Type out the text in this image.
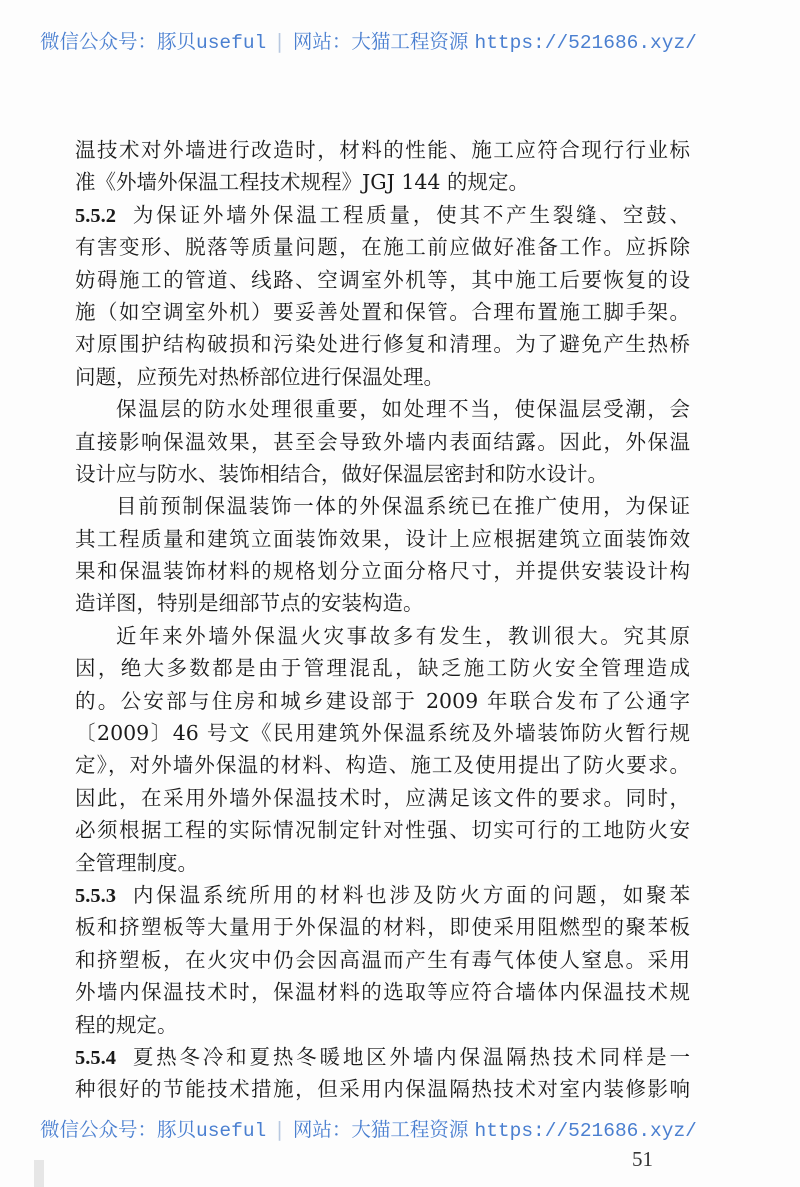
微信公众号：豚贝useful | 网站：大猫工程资源 https://521686.xyz/
温技术对外墙进行改造时，材料的性能、施工应符合现行行业标
准《外墙外保温工程技术规程》JGJ 144 的规定。
5.5.2 为保证外墙外保温工程质量，使其不产生裂缝、空鼓、
有害变形、脱落等质量问题，在施工前应做好准备工作。应拆除
妨碍施工的管道、线路、空调室外机等，其中施工后要恢复的设
施（如空调室外机）要妥善处置和保管。合理布置施工脚手架。
对原围护结构破损和污染处进行修复和清理。为了避免产生热桥
问题，应预先对热桥部位进行保温处理。
保温层的防水处理很重要，如处理不当，使保温层受潮，会
直接影响保温效果，甚至会导致外墙内表面结露。因此，外保温
设计应与防水、装饰相结合，做好保温层密封和防水设计。
目前预制保温装饰一体的外保温系统已在推广使用，为保证
其工程质量和建筑立面装饰效果，设计上应根据建筑立面装饰效
果和保温装饰材料的规格划分立面分格尺寸，并提供安装设计构
造详图，特别是细部节点的安装构造。
近年来外墙外保温火灾事故多有发生，教训很大。究其原
因，绝大多数都是由于管理混乱，缺乏施工防火安全管理造成
的。公安部与住房和城乡建设部于 2009 年联合发布了公通字
〔2009〕46 号文《民用建筑外保温系统及外墙装饰防火暂行规
定》，对外墙外保温的材料、构造、施工及使用提出了防火要求。
因此，在采用外墙外保温技术时，应满足该文件的要求。同时，
必须根据工程的实际情况制定针对性强、切实可行的工地防火安
全管理制度。
5.5.3 内保温系统所用的材料也涉及防火方面的问题，如聚苯
板和挤塑板等大量用于外保温的材料，即使采用阻燃型的聚苯板
和挤塑板，在火灾中仍会因高温而产生有毒气体使人窒息。采用
外墙内保温技术时，保温材料的选取等应符合墙体内保温技术规
程的规定。
5.5.4 夏热冬冷和夏热冬暖地区外墙内保温隔热技术同样是一
种很好的节能技术措施，但采用内保温隔热技术对室内装修影响
微信公众号：豚贝useful | 网站：大猫工程资源 https://521686.xyz/
51
